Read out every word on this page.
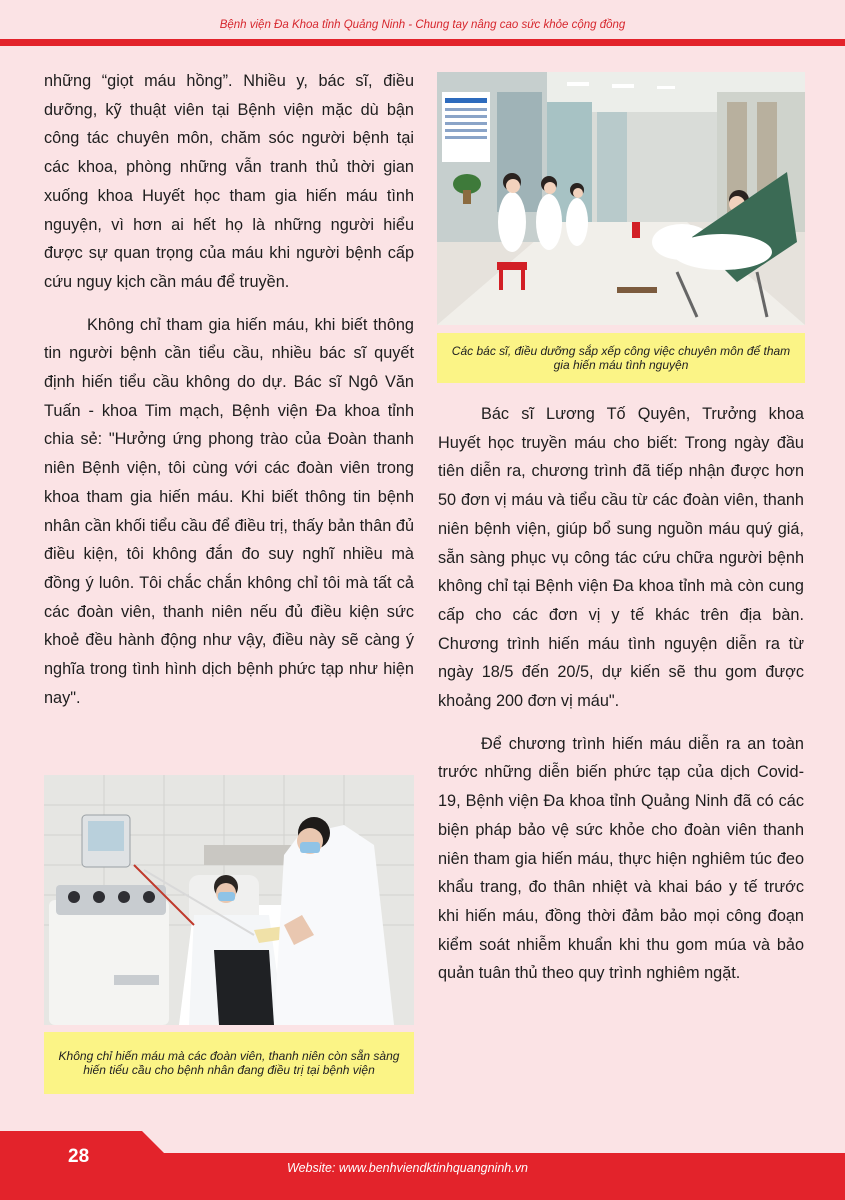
Bệnh viện Đa Khoa tỉnh Quảng Ninh - Chung tay nâng cao sức khỏe cộng đồng

những “giọt máu hồng”. Nhiều y, bác sĩ, điều dưỡng, kỹ thuật viên tại Bệnh viện mặc dù bận công tác chuyên môn, chăm sóc người bệnh tại các khoa, phòng những vẫn tranh thủ thời gian xuống khoa Huyết học tham gia hiến máu tình nguyện, vì hơn ai hết họ là những người hiểu được sự quan trọng của máu khi người bệnh cấp cứu nguy kịch cần máu để truyền.

Không chỉ tham gia hiến máu, khi biết thông tin người bệnh cần tiểu cầu, nhiều bác sĩ quyết định hiến tiểu cầu không do dự. Bác sĩ Ngô Văn Tuấn - khoa Tim mạch, Bệnh viện Đa khoa tỉnh chia sẻ: "Hưởng ứng phong trào của Đoàn thanh niên Bệnh viện, tôi cùng với các đoàn viên trong khoa tham gia hiến máu. Khi biết thông tin bệnh nhân cần khối tiểu cầu để điều trị, thấy bản thân đủ điều kiện, tôi không đắn đo suy nghĩ nhiều mà đồng ý luôn. Tôi chắc chắn không chỉ tôi mà tất cả các đoàn viên, thanh niên nếu đủ điều kiện sức khoẻ đều hành động như vậy, điều này sẽ càng ý nghĩa trong tình hình dịch bệnh phức tạp như hiện nay".

Các bác sĩ, điều dưỡng sắp xếp công việc chuyên môn để tham gia hiến máu tình nguyện

Bác sĩ Lương Tố Quyên, Trưởng khoa Huyết học truyền máu cho biết: Trong ngày đầu tiên diễn ra, chương trình đã tiếp nhận được hơn 50 đơn vị máu và tiểu cầu từ các đoàn viên, thanh niên bệnh viện, giúp bổ sung nguồn máu quý giá, sẵn sàng phục vụ công tác cứu chữa người bệnh không chỉ tại Bệnh viện Đa khoa tỉnh mà còn cung cấp cho các đơn vị y tế khác trên địa bàn. Chương trình hiến máu tình nguyện diễn ra từ ngày 18/5 đến 20/5, dự kiến sẽ thu gom được khoảng 200 đơn vị máu".

Để chương trình hiến máu diễn ra an toàn trước những diễn biến phức tạp của dịch Covid-19, Bệnh viện Đa khoa tỉnh Quảng Ninh đã có các biện pháp bảo vệ sức khỏe cho đoàn viên thanh niên tham gia hiến máu, thực hiện nghiêm túc đeo khẩu trang, đo thân nhiệt và khai báo y tế trước khi hiến máu, đồng thời đảm bảo mọi công đoạn kiểm soát nhiễm khuẩn khi thu gom múa và bảo quản tuân thủ theo quy trình nghiêm ngặt.

Không chỉ hiến máu mà các đoàn viên, thanh niên còn sẵn sàng hiến tiểu cầu cho bệnh nhân đang điều trị tại bệnh viện
28
Website: www.benhviendktinhquangninh.vn
